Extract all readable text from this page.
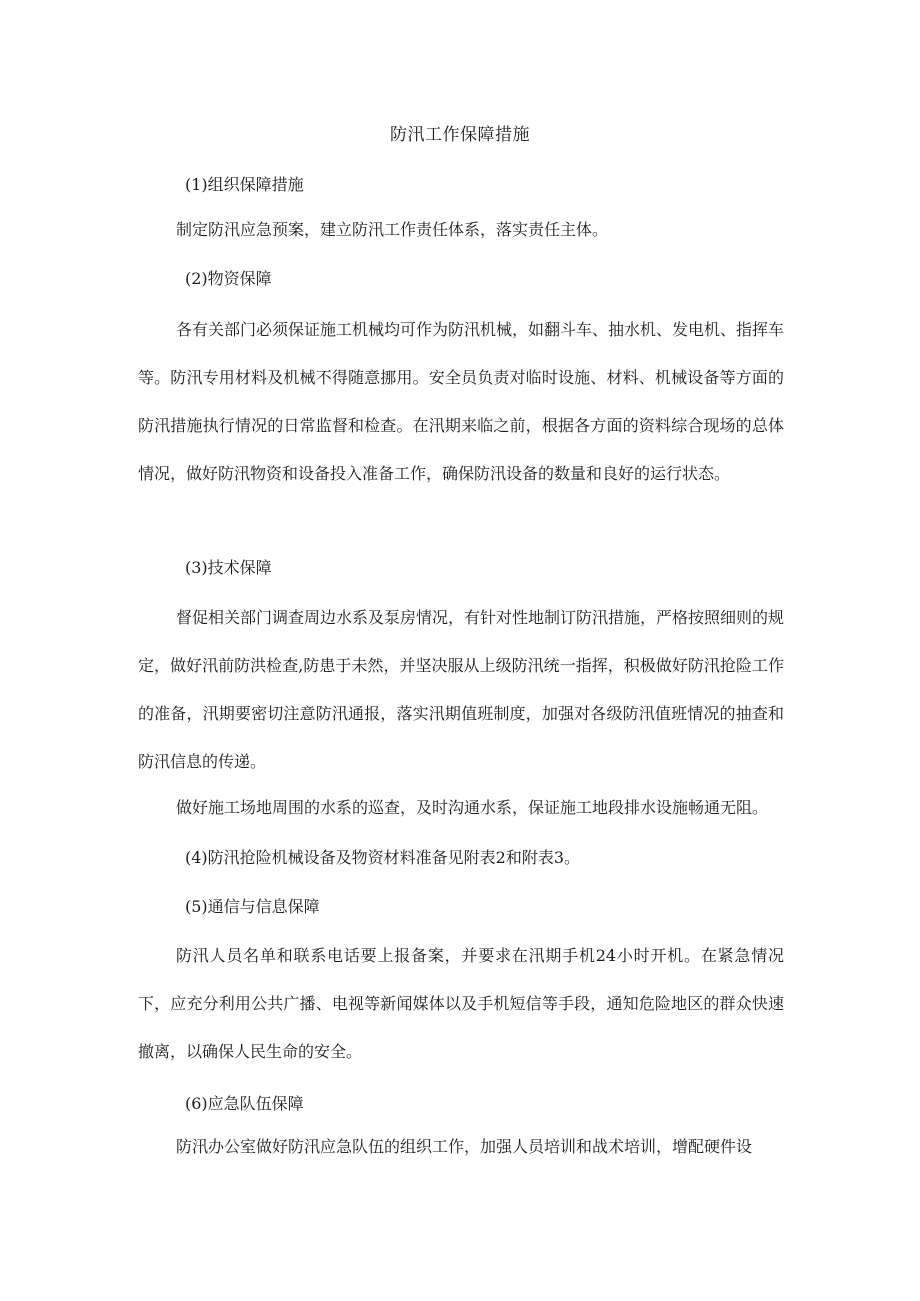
防汛工作保障措施
(1)组织保障措施
制定防汛应急预案，建立防汛工作责任体系，落实责任主体。
(2)物资保障
各有关部门必须保证施工机械均可作为防汛机械，如翻斗车、抽水机、发电机、指挥车等。防汛专用材料及机械不得随意挪用。安全员负责对临时设施、材料、机械设备等方面的防汛措施执行情况的日常监督和检查。在汛期来临之前，根据各方面的资料综合现场的总体情况，做好防汛物资和设备投入准备工作，确保防汛设备的数量和良好的运行状态。
(3)技术保障
督促相关部门调查周边水系及泵房情况，有针对性地制订防汛措施，严格按照细则的规定，做好汛前防洪检查,防患于未然，并坚决服从上级防汛统一指挥，积极做好防汛抢险工作的准备，汛期要密切注意防汛通报，落实汛期值班制度，加强对各级防汛值班情况的抽查和防汛信息的传递。
做好施工场地周围的水系的巡查，及时沟通水系，保证施工地段排水设施畅通无阻。
(4)防汛抢险机械设备及物资材料准备见附表2和附表3。
(5)通信与信息保障
防汛人员名单和联系电话要上报备案，并要求在汛期手机24小时开机。在紧急情况下，应充分利用公共广播、电视等新闻媒体以及手机短信等手段，通知危险地区的群众快速撤离，以确保人民生命的安全。
(6)应急队伍保障
防汛办公室做好防汛应急队伍的组织工作，加强人员培训和战术培训，增配硬件设
